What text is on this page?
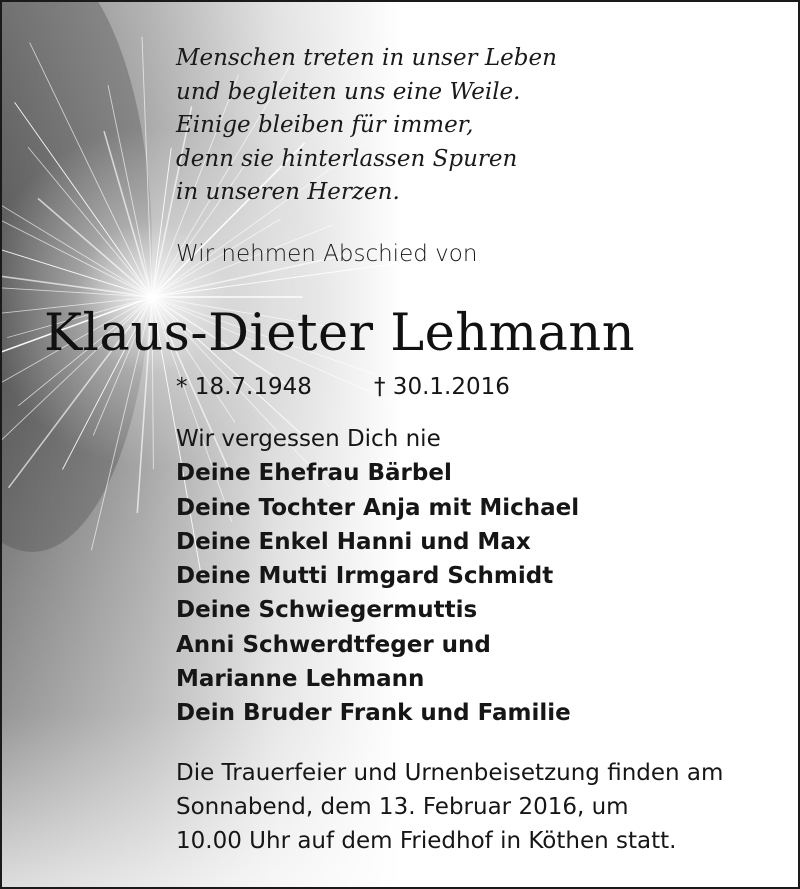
Menschen treten in unser Leben
und begleiten uns eine Weile.
Einige bleiben für immer,
denn sie hinterlassen Spuren
in unseren Herzen.
Wir nehmen Abschied von
Klaus-Dieter Lehmann
* 18.7.1948	† 30.1.2016
Wir vergessen Dich nie
Deine Ehefrau Bärbel
Deine Tochter Anja mit Michael
Deine Enkel Hanni und Max
Deine Mutti Irmgard Schmidt
Deine Schwiegermuttis
Anni Schwerdtfeger und
Marianne Lehmann
Dein Bruder Frank und Familie
Die Trauerfeier und Urnenbeisetzung finden am
Sonnabend, dem 13. Februar 2016, um
10.00 Uhr auf dem Friedhof in Köthen statt.
